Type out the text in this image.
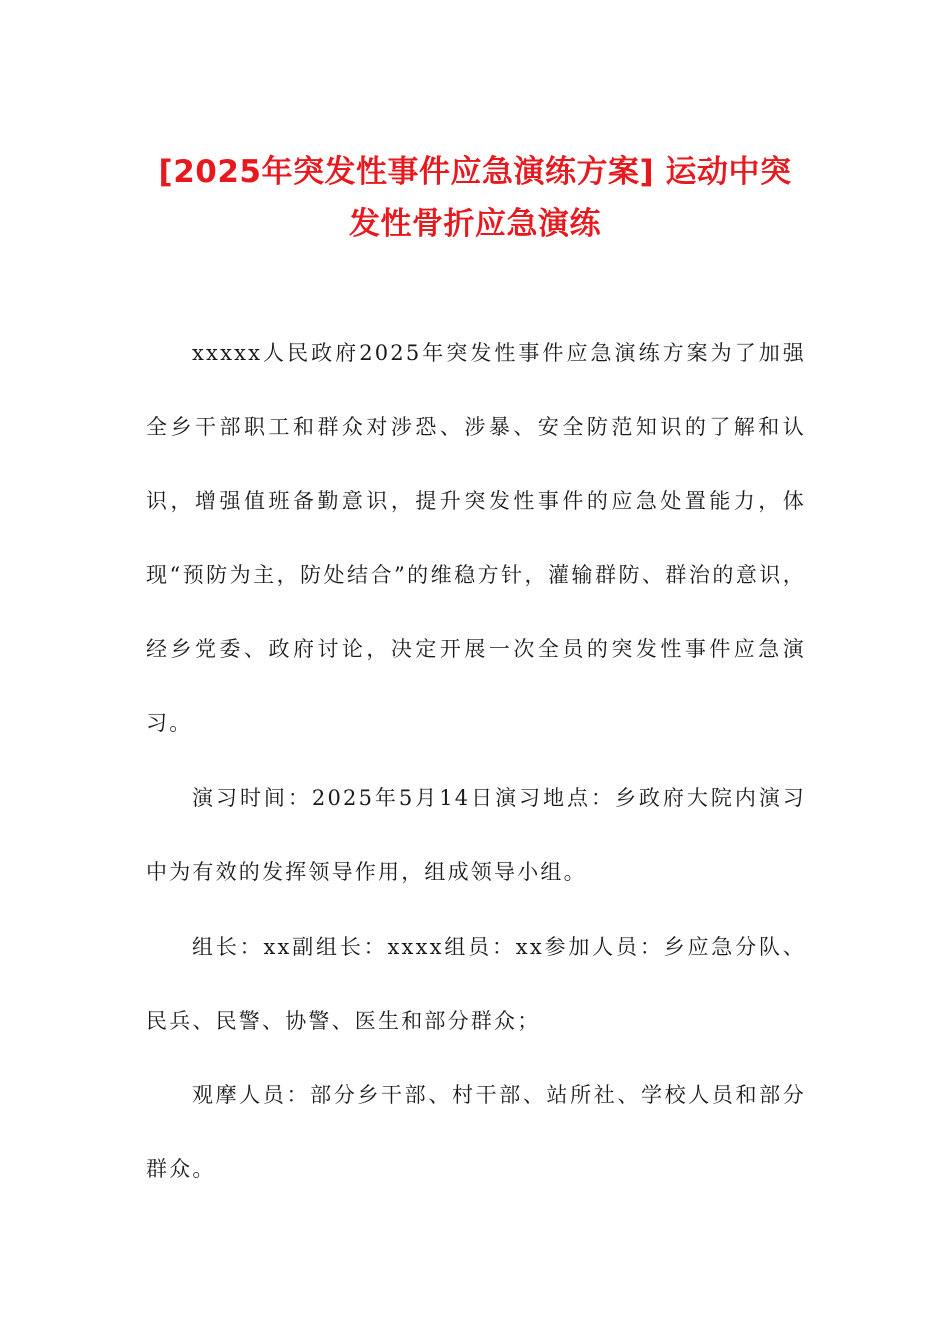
[2025年突发性事件应急演练方案] 运动中突
发性骨折应急演练

xxxxx人民政府2025年突发性事件应急演练方案为了加强全乡干部职工和群众对涉恐、涉暴、安全防范知识的了解和认识，增强值班备勤意识，提升突发性事件的应急处置能力，体现“预防为主，防处结合”的维稳方针，灌输群防、群治的意识，经乡党委、政府讨论，决定开展一次全员的突发性事件应急演习。

演习时间：2025年5月14日演习地点：乡政府大院内演习中为有效的发挥领导作用，组成领导小组。

组长：xx副组长：xxxx组员：xx参加人员：乡应急分队、民兵、民警、协警、医生和部分群众；

观摩人员：部分乡干部、村干部、站所社、学校人员和部分群众。
